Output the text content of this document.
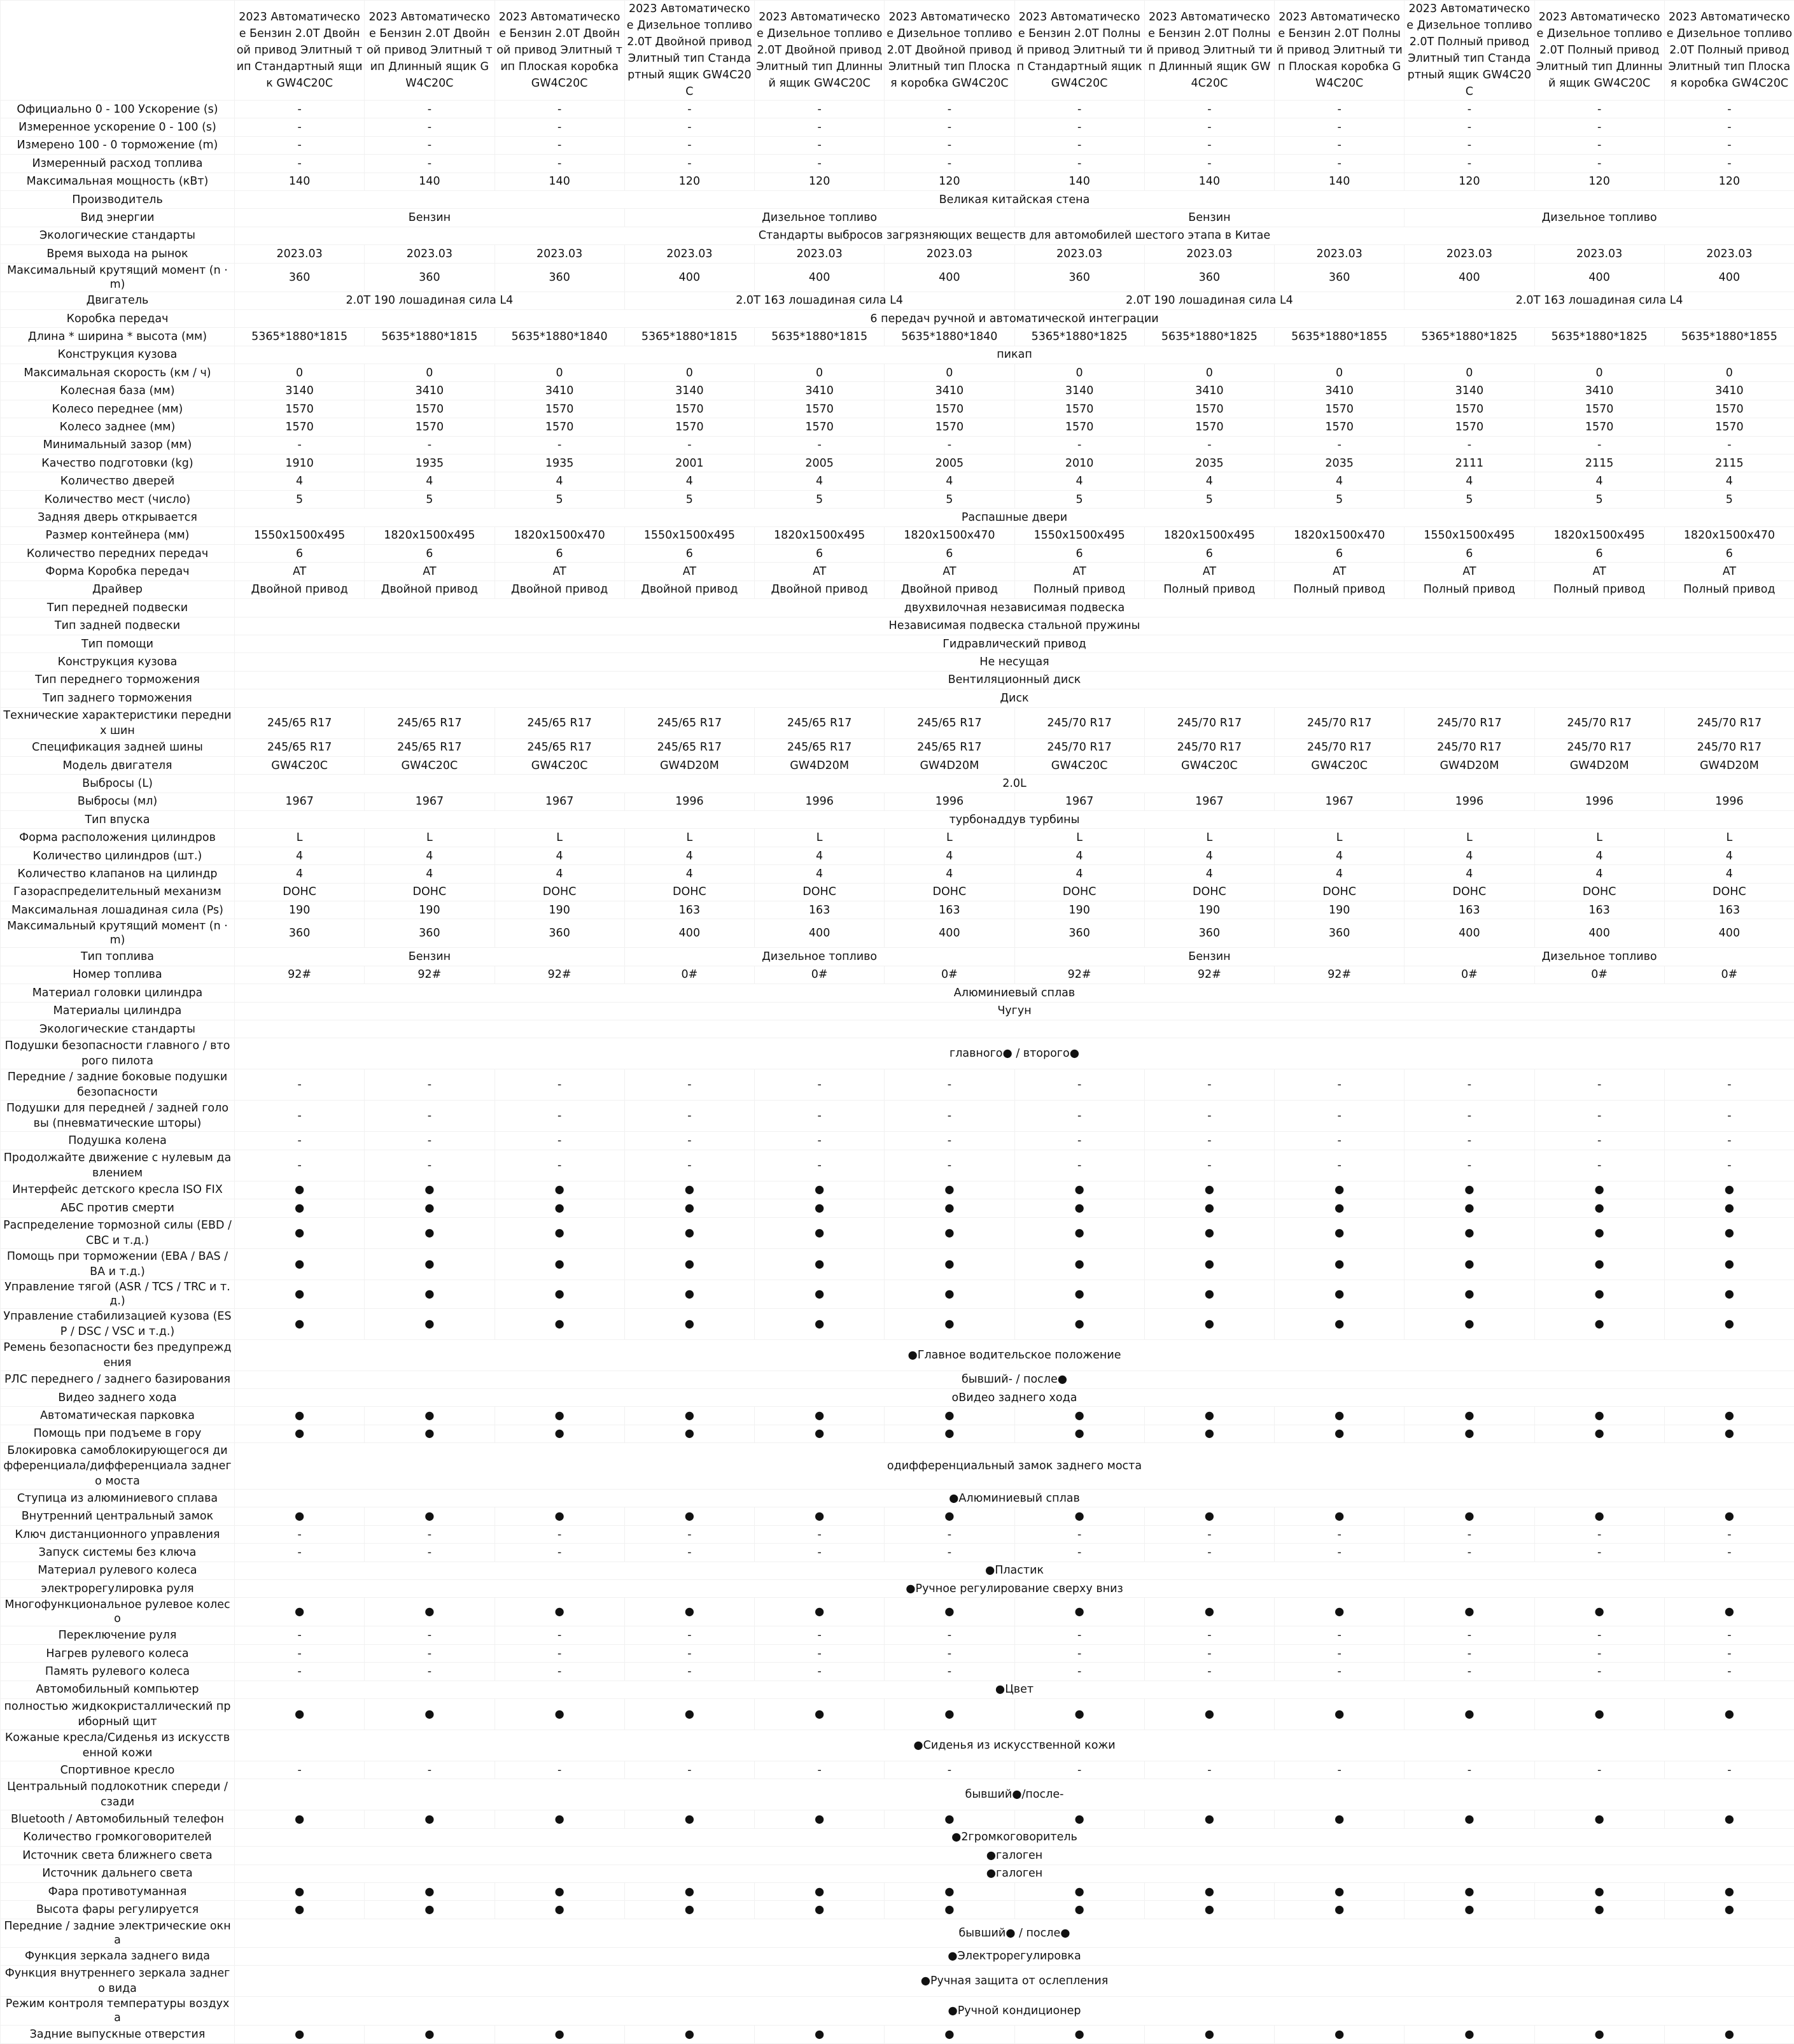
	2023 Автоматическое Бензин 2.0T Двойной привод Элитный тип Стандартный ящик GW4C20C	2023 Автоматическое Бензин 2.0T Двойной привод Элитный тип Длинный ящик GW4C20C	2023 Автоматическое Бензин 2.0T Двойной привод Элитный тип Плоская коробка GW4C20C	2023 Автоматическое Дизельное топливо 2.0T Двойной привод Элитный тип Стандартный ящик GW4C20C	2023 Автоматическое Дизельное топливо 2.0T Двойной привод Элитный тип Длинный ящик GW4C20C	2023 Автоматическое Дизельное топливо 2.0T Двойной привод Элитный тип Плоская коробка GW4C20C	2023 Автоматическое Бензин 2.0T Полный привод Элитный тип Стандартный ящик GW4C20C	2023 Автоматическое Бензин 2.0T Полный привод Элитный тип Длинный ящик GW4C20C	2023 Автоматическое Бензин 2.0T Полный привод Элитный тип Плоская коробка GW4C20C	2023 Автоматическое Дизельное топливо 2.0T Полный привод Элитный тип Стандартный ящик GW4C20C	2023 Автоматическое Дизельное топливо 2.0T Полный привод Элитный тип Длинный ящик GW4C20C	2023 Автоматическое Дизельное топливо 2.0T Полный привод Элитный тип Плоская коробка GW4C20C
Официально 0 - 100 Ускорение (s)	-	-	-	-	-	-	-	-	-	-	-	-
Измеренное ускорение 0 - 100 (s)	-	-	-	-	-	-	-	-	-	-	-	-
Измерено 100 - 0 торможение (m)	-	-	-	-	-	-	-	-	-	-	-	-
Измеренный расход топлива	-	-	-	-	-	-	-	-	-	-	-	-
Максимальная мощность (кВт)	140	140	140	120	120	120	140	140	140	120	120	120
Производитель	Великая китайская стена											
Вид энергии	Бензин			Дизельное топливо			Бензин			Дизельное топливо		
Экологические стандарты	Стандарты выбросов загрязняющих веществ для автомобилей шестого этапа в Китае											
Время выхода на рынок	2023.03	2023.03	2023.03	2023.03	2023.03	2023.03	2023.03	2023.03	2023.03	2023.03	2023.03	2023.03
Максимальный крутящий момент (n · m)	360	360	360	400	400	400	360	360	360	400	400	400
Двигатель	2.0T 190 лошадиная сила L4			2.0T 163 лошадиная сила L4			2.0T 190 лошадиная сила L4			2.0T 163 лошадиная сила L4		
Коробка передач	6 передач ручной и автоматической интеграции											
Длина * ширина * высота (мм)	5365*1880*1815	5635*1880*1815	5635*1880*1840	5365*1880*1815	5635*1880*1815	5635*1880*1840	5365*1880*1825	5635*1880*1825	5635*1880*1855	5365*1880*1825	5635*1880*1825	5635*1880*1855
Конструкция кузова	пикап											
Максимальная скорость (км / ч)	0	0	0	0	0	0	0	0	0	0	0	0
Колесная база (мм)	3140	3410	3410	3140	3410	3410	3140	3410	3410	3140	3410	3410
Колесо переднее (мм)	1570	1570	1570	1570	1570	1570	1570	1570	1570	1570	1570	1570
Колесо заднее (мм)	1570	1570	1570	1570	1570	1570	1570	1570	1570	1570	1570	1570
Минимальный зазор (мм)	-	-	-	-	-	-	-	-	-	-	-	-
Качество подготовки (kg)	1910	1935	1935	2001	2005	2005	2010	2035	2035	2111	2115	2115
Количество дверей	4	4	4	4	4	4	4	4	4	4	4	4
Количество мест (число)	5	5	5	5	5	5	5	5	5	5	5	5
Задняя дверь открывается	Распашные двери											
Размер контейнера (мм)	1550x1500x495	1820x1500x495	1820x1500x470	1550x1500x495	1820x1500x495	1820x1500x470	1550x1500x495	1820x1500x495	1820x1500x470	1550x1500x495	1820x1500x495	1820x1500x470
Количество передних передач	6	6	6	6	6	6	6	6	6	6	6	6
Форма Коробка передач	AT	AT	AT	AT	AT	AT	AT	AT	AT	AT	AT	AT
Драйвер	Двойной привод	Двойной привод	Двойной привод	Двойной привод	Двойной привод	Двойной привод	Полный привод	Полный привод	Полный привод	Полный привод	Полный привод	Полный привод
Тип передней подвески	двухвилочная независимая подвеска											
Тип задней подвески	Независимая подвеска стальной пружины											
Тип помощи	Гидравлический привод											
Конструкция кузова	Не несущая											
Тип переднего торможения	Вентиляционный диск											
Тип заднего торможения	Диск											
Технические характеристики передних шин	245/65 R17	245/65 R17	245/65 R17	245/65 R17	245/65 R17	245/65 R17	245/70 R17	245/70 R17	245/70 R17	245/70 R17	245/70 R17	245/70 R17
Спецификация задней шины	245/65 R17	245/65 R17	245/65 R17	245/65 R17	245/65 R17	245/65 R17	245/70 R17	245/70 R17	245/70 R17	245/70 R17	245/70 R17	245/70 R17
Модель двигателя	GW4C20C	GW4C20C	GW4C20C	GW4D20M	GW4D20M	GW4D20M	GW4C20C	GW4C20C	GW4C20C	GW4D20M	GW4D20M	GW4D20M
Выбросы (L)	2.0L											
Выбросы (мл)	1967	1967	1967	1996	1996	1996	1967	1967	1967	1996	1996	1996
Тип впуска	турбонаддув турбины											
Форма расположения цилиндров	L	L	L	L	L	L	L	L	L	L	L	L
Количество цилиндров (шт.)	4	4	4	4	4	4	4	4	4	4	4	4
Количество клапанов на цилиндр	4	4	4	4	4	4	4	4	4	4	4	4
Газораспределительный механизм	DOHC	DOHC	DOHC	DOHC	DOHC	DOHC	DOHC	DOHC	DOHC	DOHC	DOHC	DOHC
Максимальная лошадиная сила (Ps)	190	190	190	163	163	163	190	190	190	163	163	163
Максимальный крутящий момент (n · m)	360	360	360	400	400	400	360	360	360	400	400	400
Тип топлива	Бензин			Дизельное топливо			Бензин			Дизельное топливо		
Номер топлива	92#	92#	92#	0#	0#	0#	92#	92#	92#	0#	0#	0#
Материал головки цилиндра	Алюминиевый сплав											
Материалы цилиндра	Чугун											
Экологические стандарты												
Подушки безопасности главного / второго пилота	главного● / второго●											
Передние / задние боковые подушки безопасности	-	-	-	-	-	-	-	-	-	-	-	-
Подушки для передней / задней головы (пневматические шторы)	-	-	-	-	-	-	-	-	-	-	-	-
Подушка колена	-	-	-	-	-	-	-	-	-	-	-	-
Продолжайте движение с нулевым давлением	-	-	-	-	-	-	-	-	-	-	-	-
Интерфейс детского кресла ISO FIX	●	●	●	●	●	●	●	●	●	●	●	●
АБС против смерти	●	●	●	●	●	●	●	●	●	●	●	●
Распределение тормозной силы (EBD / CBC и т.д.)	●	●	●	●	●	●	●	●	●	●	●	●
Помощь при торможении (EBA / BAS / BA и т.д.)	●	●	●	●	●	●	●	●	●	●	●	●
Управление тягой (ASR / TCS / TRC и т.д.)	●	●	●	●	●	●	●	●	●	●	●	●
Управление стабилизацией кузова (ESP / DSC / VSC и т.д.)	●	●	●	●	●	●	●	●	●	●	●	●
Ремень безопасности без предупреждения	●Главное водительское положение											
РЛС переднего / заднего базирования	бывший- / после●											
Видео заднего хода	оВидео заднего хода											
Автоматическая парковка	●	●	●	●	●	●	●	●	●	●	●	●
Помощь при подъеме в гору	●	●	●	●	●	●	●	●	●	●	●	●
Блокировка самоблокирующегося дифференциала/дифференциала заднего моста	одифференциальный замок заднего моста											
Ступица из алюминиевого сплава	●Алюминиевый сплав											
Внутренний центральный замок	●	●	●	●	●	●	●	●	●	●	●	●
Ключ дистанционного управления	-	-	-	-	-	-	-	-	-	-	-	-
Запуск системы без ключа	-	-	-	-	-	-	-	-	-	-	-	-
Материал рулевого колеса	●Пластик											
электрорегулировка руля	●Ручное регулирование сверху вниз											
Многофункциональное рулевое колесо	●	●	●	●	●	●	●	●	●	●	●	●
Переключение руля	-	-	-	-	-	-	-	-	-	-	-	-
Нагрев рулевого колеса	-	-	-	-	-	-	-	-	-	-	-	-
Память рулевого колеса	-	-	-	-	-	-	-	-	-	-	-	-
Автомобильный компьютер	●Цвет											
полностью жидкокристаллический приборный щит	●	●	●	●	●	●	●	●	●	●	●	●
Кожаные кресла/Сиденья из искусственной кожи	●Сиденья из искусственной кожи											
Спортивное кресло	-	-	-	-	-	-	-	-	-	-	-	-
Центральный подлокотник спереди / сзади	бывший●/после-											
Bluetooth / Автомобильный телефон	●	●	●	●	●	●	●	●	●	●	●	●
Количество громкоговорителей	●2громкоговоритель											
Источник света ближнего света	●галоген											
Источник дальнего света	●галоген											
Фара противотуманная	●	●	●	●	●	●	●	●	●	●	●	●
Высота фары регулируется	●	●	●	●	●	●	●	●	●	●	●	●
Передние / задние электрические окна	бывший● / после●											
Функция зеркала заднего вида	●Электрорегулировка											
Функция внутреннего зеркала заднего вида	●Ручная защита от ослепления											
Режим контроля температуры воздуха	●Ручной кондиционер											
Задние выпускные отверстия	●	●	●	●	●	●	●	●	●	●	●	●
